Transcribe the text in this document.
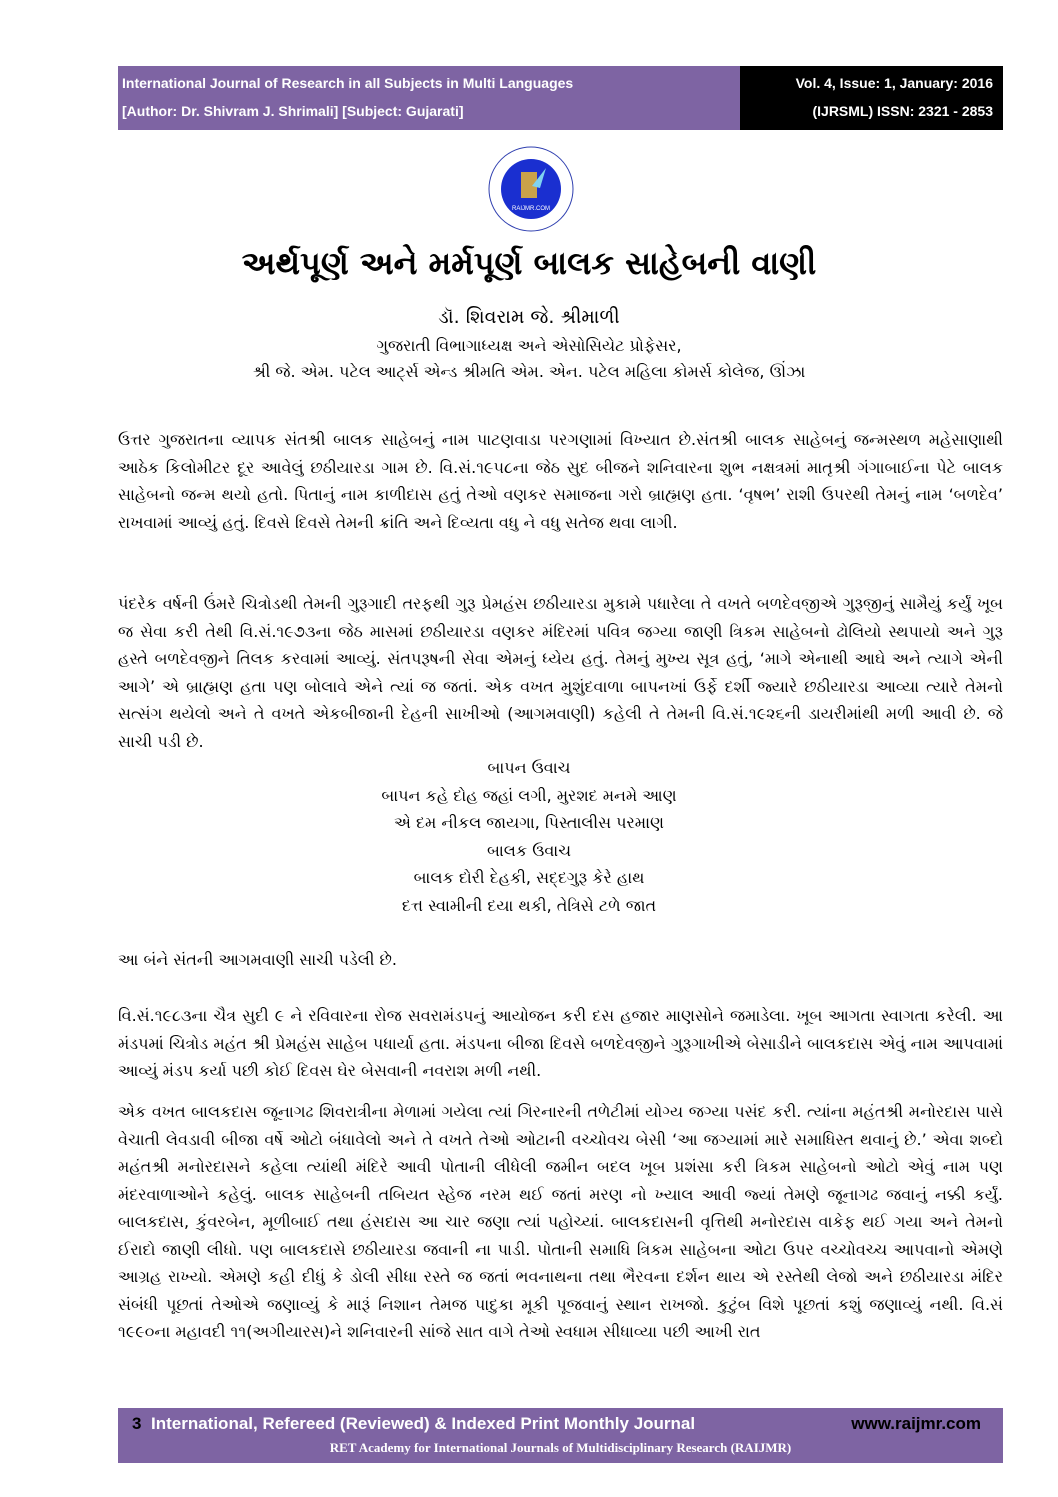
International Journal of Research in all Subjects in Multi Languages
[Author: Dr. Shivram J. Shrimali] [Subject: Gujarati]
Vol. 4, Issue: 1, January: 2016
(IJRSML) ISSN: 2321 - 2853
RAIJMR.COM
અર્થપૂર્ણ અને મર્મપૂર્ણ બાલક સાહેબની વાણી
ડૉ. શિવરામ જે. શ્રીમાળી
ગુજરાતી વિભાગાધ્યક્ષ અને એસોસિયેટ પ્રોફેસર,
શ્રી જે. એમ. પટેલ આર્ટ્સ એન્ડ શ્રીમતિ એમ. એન. પટેલ મહિલા કોમર્સ કોલેજ, ઊંઝા

ઉત્તર ગુજરાતના વ્યાપક સંતશ્રી બાલક સાહેબનું નામ પાટણવાડા પરગણામાં વિખ્યાત છે.સંતશ્રી બાલક સાહેબનું જન્મસ્થળ મહેસાણાથી આઠેક કિલોમીટર દૂર આવેલું છઠીયારડા ગામ છે. વિ.સં.૧૯૫૮ના જેઠ સુદ બીજને શનિવારના શુભ નક્ષત્રમાં માતૃશ્રી ગંગાબાઈના પેટે બાલક સાહેબનો જન્મ થયો હતો. પિતાનું નામ કાળીદાસ હતું તેઓ વણકર સમાજના ગરો બ્રાહ્મણ હતા. ‘વૃષભ’ રાશી ઉપરથી તેમનું નામ ‘બળદેવ’ રાખવામાં આવ્યું હતું. દિવસે દિવસે તેમની ક્રાંતિ અને દિવ્યતા વધુ ને વધુ સતેજ થવા લાગી.

પંદરેક વર્ષની ઉંમરે ચિત્રોડથી તેમની ગુરૂગાદી તરફથી ગુરૂ પ્રેમહંસ છઠીયારડા મુકામે પધારેલા તે વખતે બળદેવજીએ ગુરૂજીનું સામૈયું કર્યું ખૂબ જ સેવા કરી તેથી વિ.સં.૧૯૭૩ના જેઠ માસમાં છઠીયારડા વણકર મંદિરમાં પવિત્ર જગ્યા જાણી ત્રિકમ સાહેબનો ઢોલિયો સ્થપાયો અને ગુરૂ હસ્તે બળદેવજીને તિલક કરવામાં આવ્યું. સંતપરૂષની સેવા એમનું ધ્યેય હતું. તેમનું મુખ્ય સૂત્ર હતું, ‘માગે એનાથી આઘે અને ત્યાગે એની આગે’ એ બ્રાહ્મણ હતા પણ બોલાવે એને ત્યાં જ જતાં. એક વખત મુશુંદવાળા બાપનખાં ઉર્ફે દર્શી જ્યારે છઠીયારડા આવ્યા ત્યારે તેમનો સત્સંગ થયેલો અને તે વખતે એકબીજાની દેહની સાખીઓ (આગમવાણી) કહેલી તે તેમની વિ.સં.૧૯૨૬ની ડાયરીમાંથી મળી આવી છે. જે સાચી પડી છે.

બાપન ઉવાચ
બાપન કહે દોહ જહાં લગી, મુરશદ મનમે આણ
એ દમ નીકલ જાયગા, પિસ્તાલીસ પરમાણ
બાલક ઉવાચ
બાલક દોરી દેહકી, સદ્દગુરૂ કેરે હાથ
દત્ત સ્વામીની દયા થકી, તેત્રિસે ટળે જાત

આ બંને સંતની આગમવાણી સાચી પડેલી છે.

વિ.સં.૧૯૮૩ના ચૈત્ર સુદી ૯ ને રવિવારના રોજ સવરામંડપનું આયોજન કરી દસ હજાર માણસોને જમાડેલા. ખૂબ આગતા સ્વાગતા કરેલી. આ મંડપમાં ચિત્રોડ મહંત શ્રી પ્રેમહંસ સાહેબ પધાર્યા હતા. મંડપના બીજા દિવસે બળદેવજીને ગુરૂગાખીએ બેસાડીને બાલકદાસ એવું નામ આપવામાં આવ્યું મંડપ કર્યા પછી કોઈ દિવસ ઘેર બેસવાની નવરાશ મળી નથી.

એક વખત બાલકદાસ જૂનાગઢ શિવરાત્રીના મેળામાં ગયેલા ત્યાં ગિરનારની તળેટીમાં યોગ્ય જગ્યા પસંદ કરી. ત્યાંના મહંતશ્રી મનોરદાસ પાસે વેચાતી લેવડાવી બીજા વર્ષે ઓટો બંધાવેલો અને તે વખતે તેઓ ઓટાની વચ્ચોવચ બેસી ‘આ જગ્યામાં મારે સમાધિસ્ત થવાનું છે.’ એવા શબ્દો મહંતશ્રી મનોરદાસને કહેલા ત્યાંથી મંદિરે આવી પોતાની લીધેલી જમીન બદલ ખૂબ પ્રશંસા કરી ત્રિકમ સાહેબનો ઓટો એવું નામ પણ મંદરવાળાઓને કહેલું. બાલક સાહેબની તબિયત સ્હેજ નરમ થઈ જતાં મરણ નો ખ્યાલ આવી જ્યાં તેમણે જૂનાગઢ જવાનું નક્કી કર્યું. બાલકદાસ, કુંવરબેન, મૂળીબાઈ તથા હંસદાસ આ ચાર જણા ત્યાં પહોચ્યાં. બાલકદાસની વૃત્તિથી મનોરદાસ વાકેફ થઈ ગયા અને તેમનો ઈરાદો જાણી લીધો. પણ બાલકદાસે છઠીયારડા જવાની ના પાડી. પોતાની સમાધિ ત્રિકમ સાહેબના ઓટા ઉપર વચ્ચોવચ્ચ આપવાનો એમણે આગ્રહ રાખ્યો. એમણે કહી દીધું કે ડોલી સીધા રસ્તે જ જતાં ભવનાથના તથા ભૈરવના દર્શન થાય એ રસ્તેથી લેજો અને છઠીયારડા મંદિર સંબંધી પૂછતાં તેઓએ જણાવ્યું કે મારૂં નિશાન તેમજ પાદુકા મૂકી પૂજવાનું સ્થાન રાખજો. કુટુંબ વિશે પૂછતાં કશું જણાવ્યું નથી. વિ.સં ૧૯૯૦ના મહાવદી ૧૧(અગીયારસ)ને શનિવારની સાંજે સાત વાગે તેઓ સ્વધામ સીધાવ્યા પછી આખી રાત

3 International, Refereed (Reviewed) & Indexed Print Monthly Journal	www.raijmr.com
RET Academy for International Journals of Multidisciplinary Research (RAIJMR)
